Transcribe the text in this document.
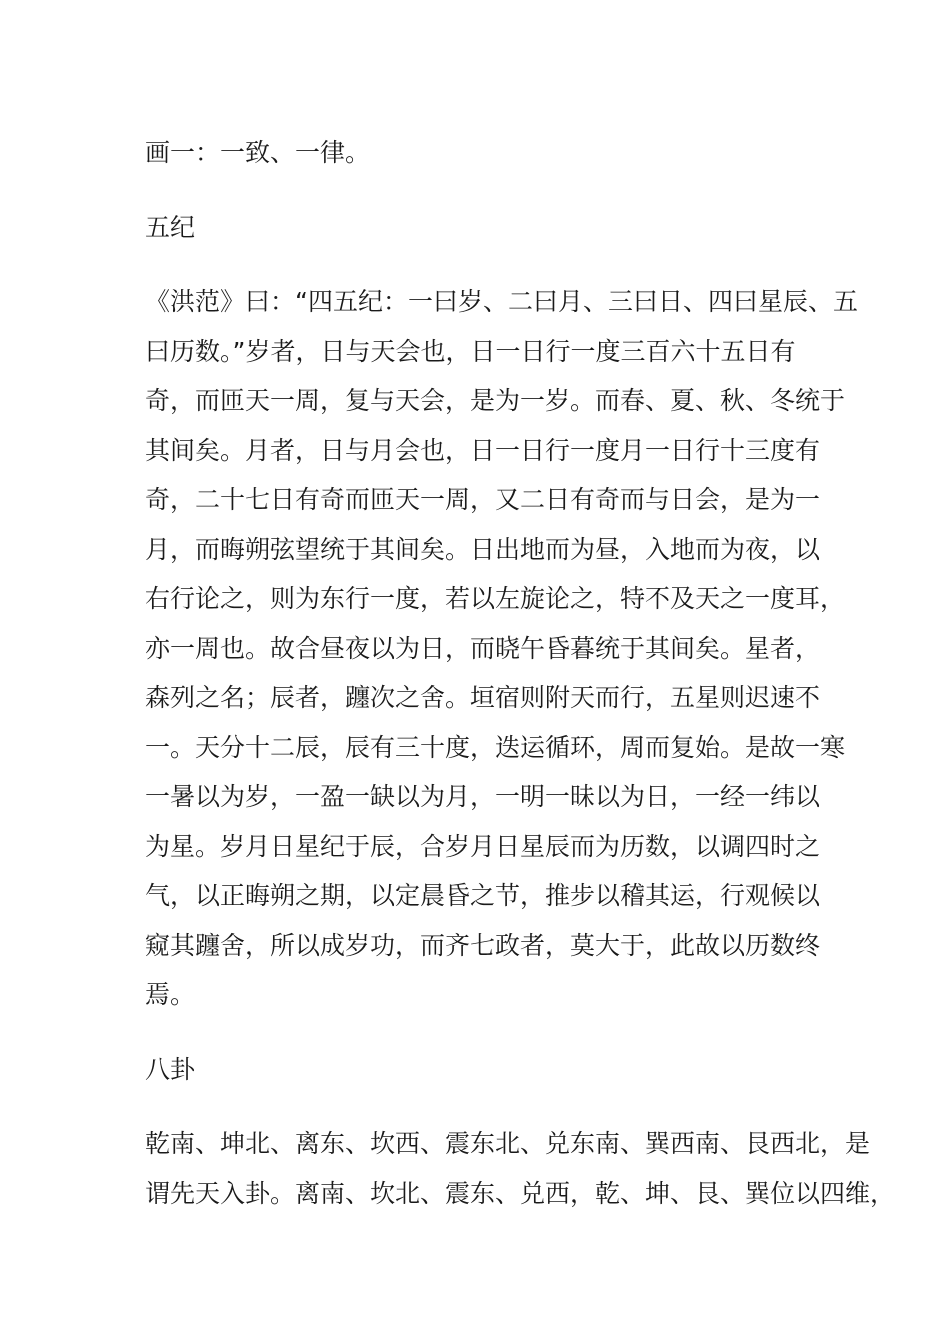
画一：一致、一律。
五纪
《洪范》曰：“四五纪：一曰岁、二曰月、三曰日、四曰星辰、五
曰历数。”岁者，日与天会也，日一日行一度三百六十五日有
奇，而匝天一周，复与天会，是为一岁。而春、夏、秋、冬统于
其间矣。月者，日与月会也，日一日行一度月一日行十三度有
奇，二十七日有奇而匝天一周，又二日有奇而与日会，是为一
月，而晦朔弦望统于其间矣。日出地而为昼，入地而为夜，以
右行论之，则为东行一度，若以左旋论之，特不及天之一度耳，
亦一周也。故合昼夜以为日，而晓午昏暮统于其间矣。星者，
森列之名；辰者，躔次之舍。垣宿则附天而行，五星则迟速不
一。天分十二辰，辰有三十度，迭运循环，周而复始。是故一寒
一暑以为岁，一盈一缺以为月，一明一昧以为日，一经一纬以
为星。岁月日星纪于辰，合岁月日星辰而为历数，以调四时之
气，以正晦朔之期，以定晨昏之节，推步以稽其运，行观候以
窥其躔舍，所以成岁功，而齐七政者，莫大于，此故以历数终
焉。
八卦
乾南、坤北、离东、坎西、震东北、兑东南、巽西南、艮西北，是
谓先天入卦。离南、坎北、震东、兑西，乾、坤、艮、巽位以四维，
